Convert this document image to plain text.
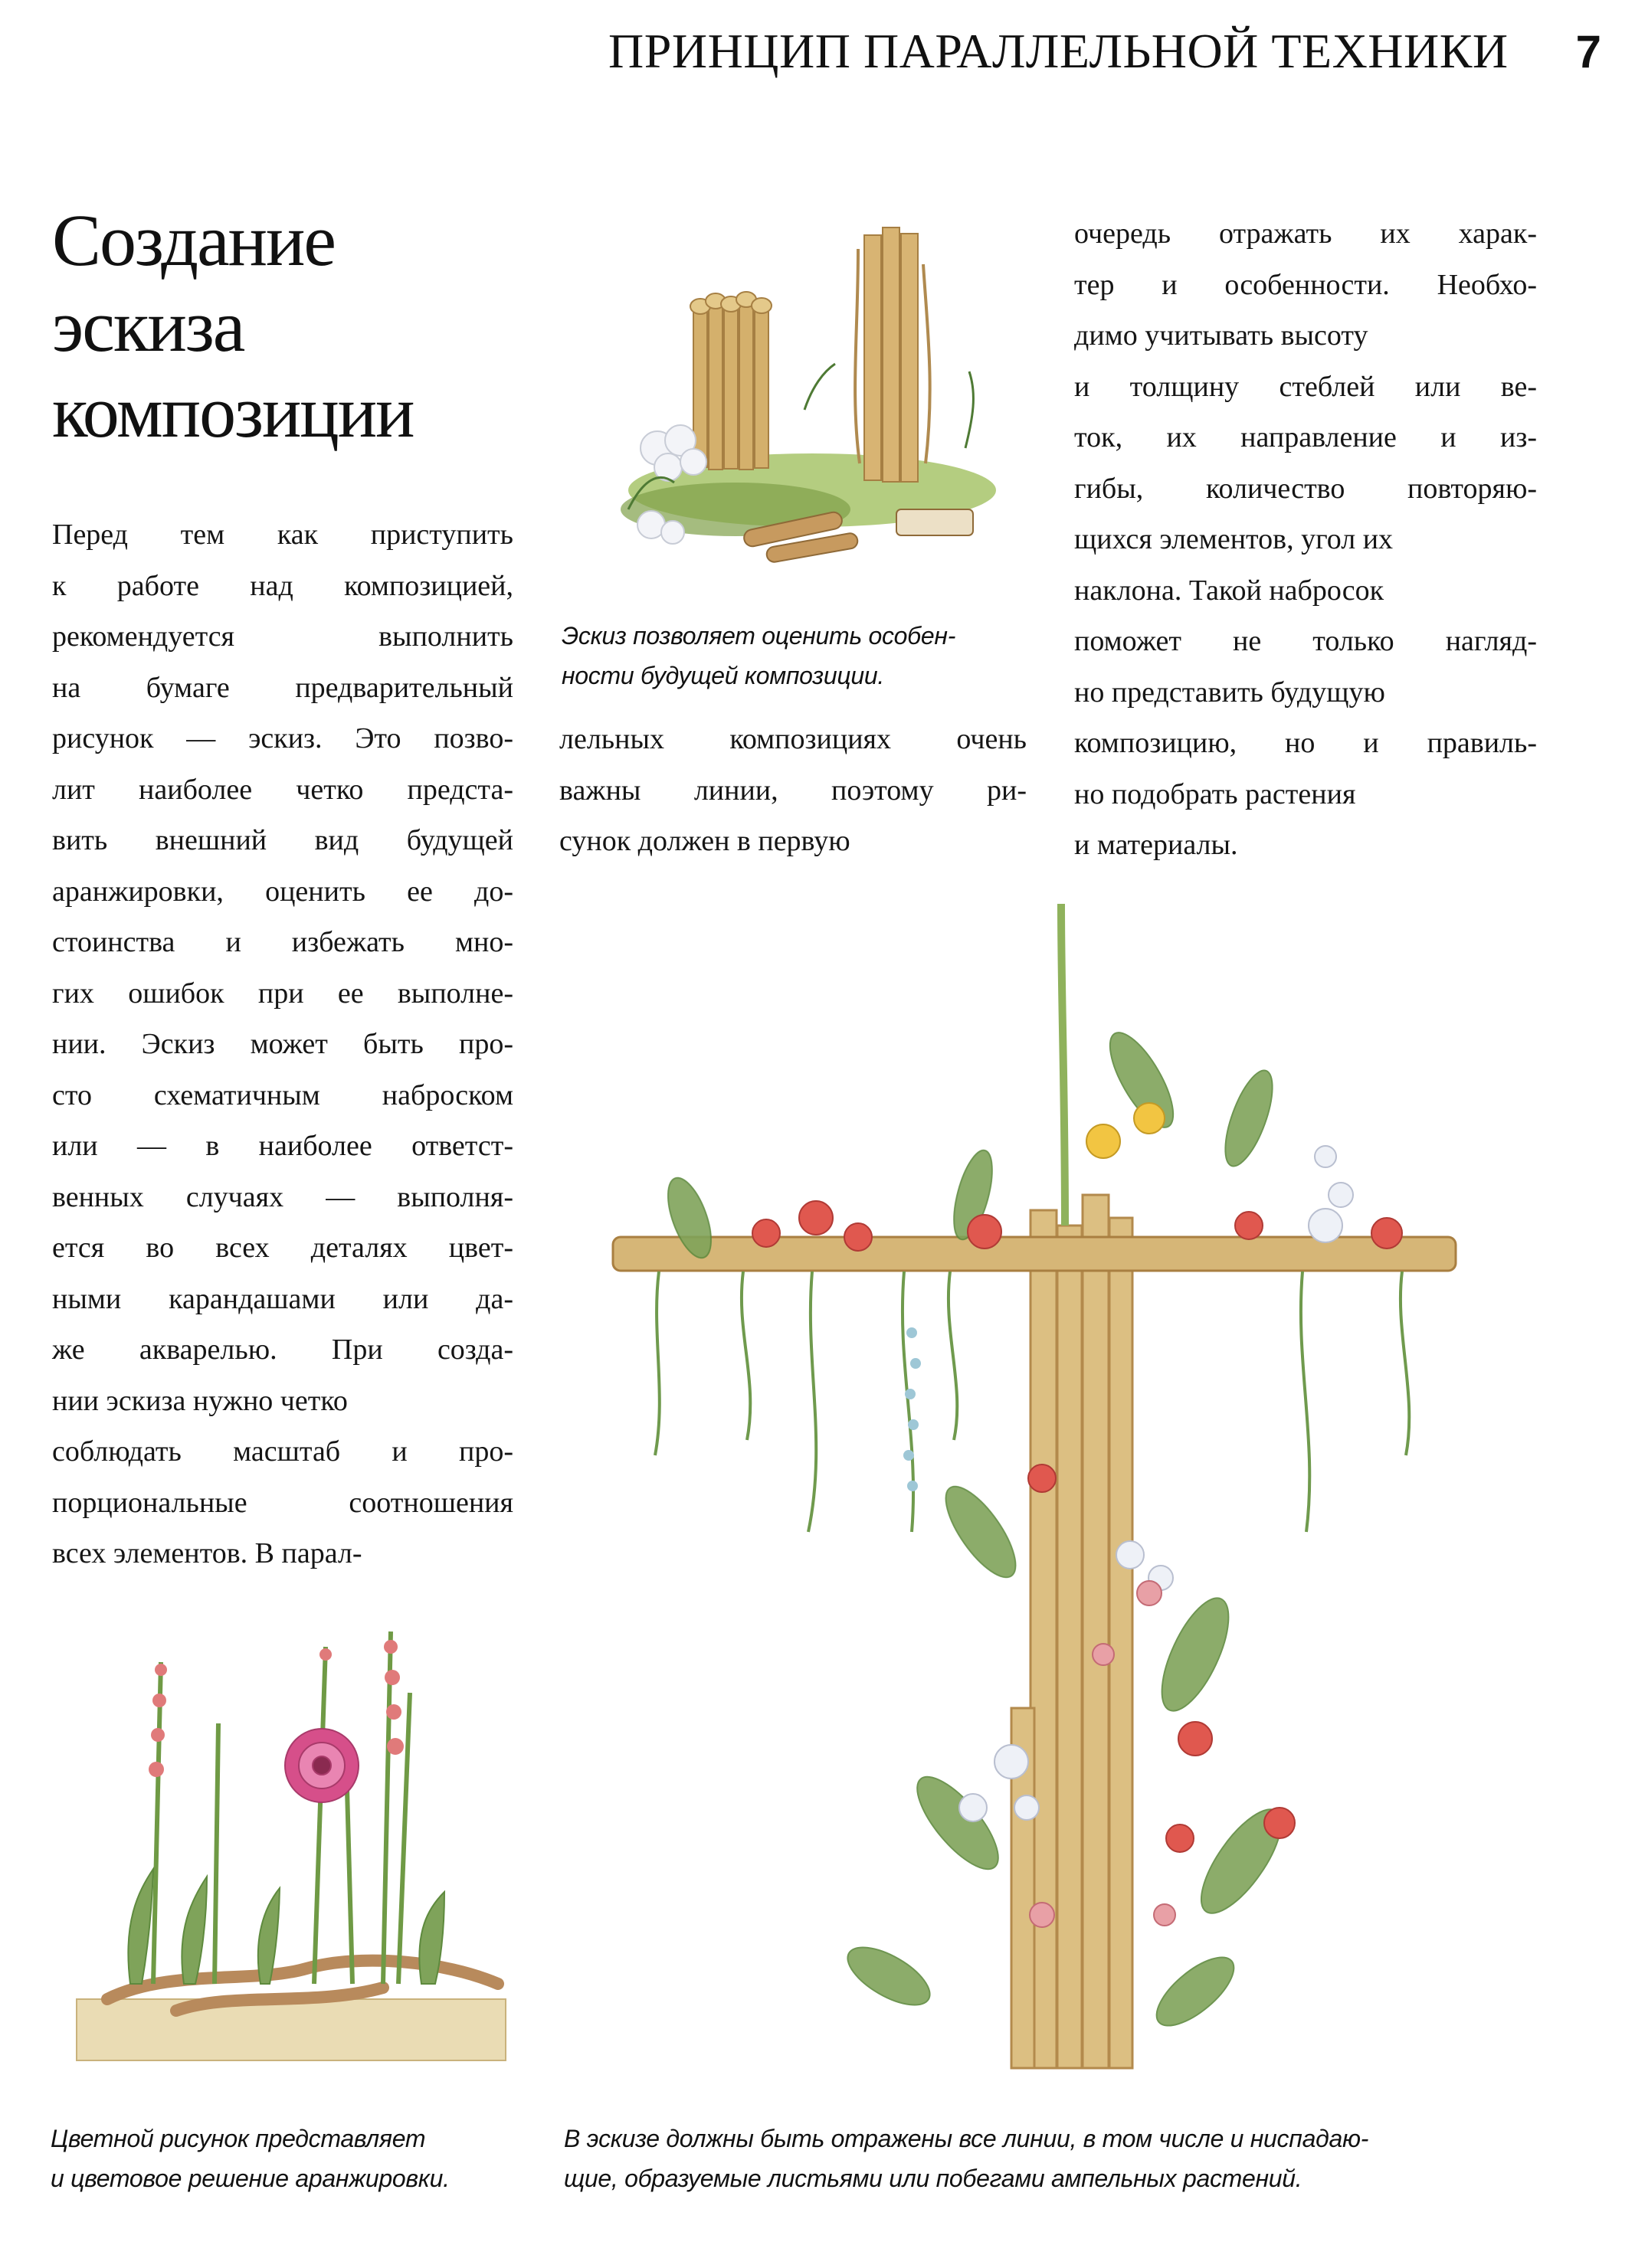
ПРИНЦИП ПАРАЛЛЕЛЬНОЙ ТЕХНИКИ 7
Создание
эскиза
композиции
Перед тем как приступить
к работе над композицией,
рекомендуется выполнить
на бумаге предварительный
рисунок — эскиз. Это позво-
лит наиболее четко предста-
вить внешний вид будущей
аранжировки, оценить ее до-
стоинства и избежать мно-
гих ошибок при ее выполне-
нии. Эскиз может быть про-
сто схематичным наброском
или — в наиболее ответст-
венных случаях — выполня-
ется во всех деталях цвет-
ными карандашами или да-
же акварелью. При созда-
нии эскиза нужно четко
соблюдать масштаб и про-
порциональные соотношения
всех элементов. В парал-
лельных композициях очень
важны линии, поэтому ри-
сунок должен в первую
очередь отражать их харак-
тер и особенности. Необхо-
димо учитывать высоту
и толщину стеблей или ве-
ток, их направление и из-
гибы, количество повторяю-
щихся элементов, угол их
наклона. Такой набросок
поможет не только нагляд-
но представить будущую
композицию, но и правиль-
но подобрать растения
и материалы.
Эскиз позволяет оценить особен-
ности будущей композиции.
Цветной рисунок представляет
и цветовое решение аранжировки.
В эскизе должны быть отражены все линии, в том числе и ниспадаю-
щие, образуемые листьями или побегами ампельных растений.
